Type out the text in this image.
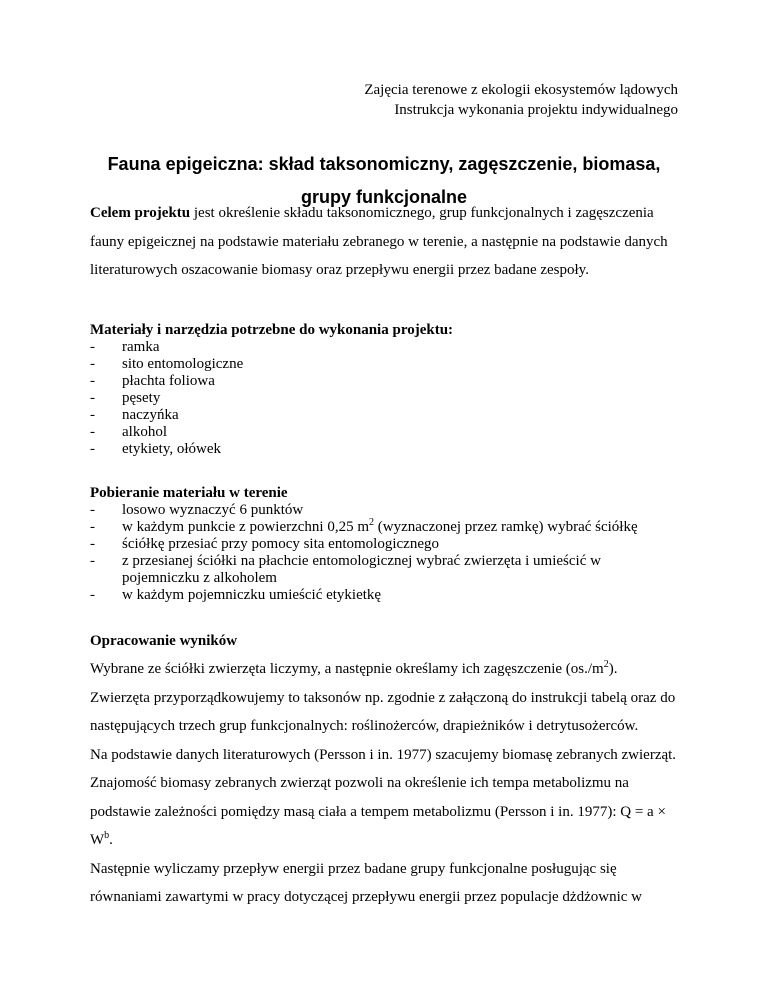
Zajęcia terenowe z ekologii ekosystemów lądowych
Instrukcja wykonania projektu indywidualnego
Fauna epigeiczna: skład taksonomiczny, zagęszczenie, biomasa,
grupy funkcjonalne

Celem projektu jest określenie składu taksonomicznego, grup funkcjonalnych i zagęszczenia fauny epigeicznej na podstawie materiału zebranego w terenie, a następnie na podstawie danych literaturowych oszacowanie biomasy oraz przepływu energii przez badane zespoły.

Materiały i narzędzia potrzebne do wykonania projektu:

- ramka
- sito entomologiczne
- płachta foliowa
- pęsety
- naczyńka
- alkohol
- etykiety, ołówek

Pobieranie materiału w terenie

- losowo wyznaczyć 6 punktów
- w każdym punkcie z powierzchni 0,25 $m^2$ (wyznaczonej przez ramkę) wybrać ściółkę
- ściółkę przesiać przy pomocy sita entomologicznego
- z przesianej ściółki na płachcie entomologicznej wybrać zwierzęta i umieścić w pojemniczku z alkoholem
- w każdym pojemniczku umieścić etykietkę

Opracowanie wyników

Wybrane ze ściółki zwierzęta liczymy, a następnie określamy ich zagęszczenie $(os./m^2)$.

Zwierzęta przyporządkowujemy to taksonów np. zgodnie z załączoną do instrukcji tabelą oraz do następujących trzech grup funkcjonalnych: roślinożerców, drapieżników i detrytusożerców.

Na podstawie danych literaturowych (Persson i in. 1977) szacujemy biomasę zebranych zwierząt. Znajomość biomasy zebranych zwierząt pozwoli na określenie ich tempa metabolizmu na podstawie zależności pomiędzy masą ciała a tempem metabolizmu (Persson i in. 1977): $Q = a \times W^b$.

Następnie wyliczamy przepływ energii przez badane grupy funkcjonalne posługując się równaniami zawartymi w pracy dotyczącej przepływu energii przez populacje dżdżownic w
